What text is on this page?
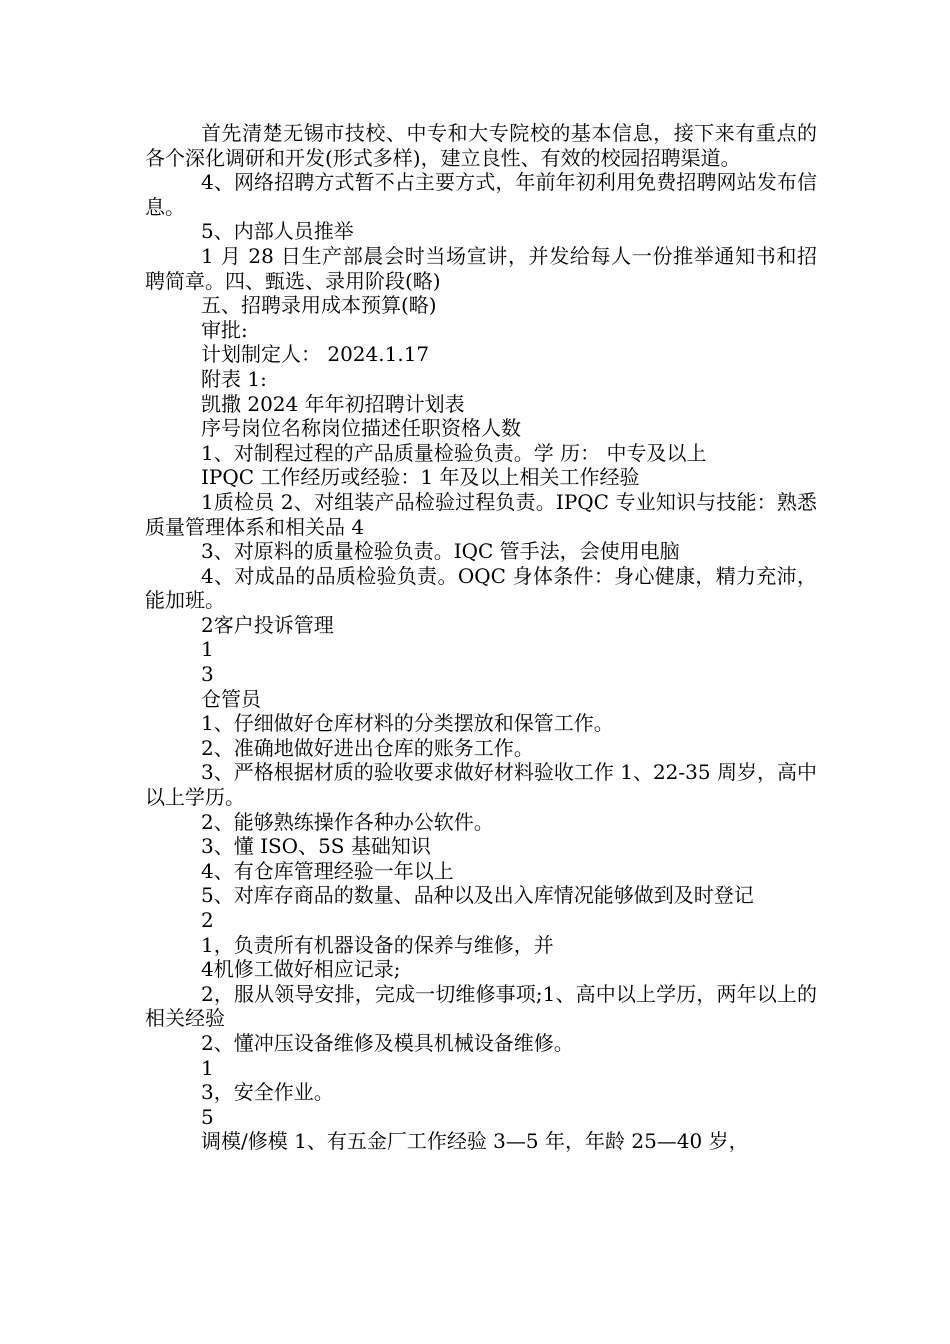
首先清楚无锡市技校、中专和大专院校的基本信息，接下来有重点的各个深化调研和开发(形式多样)，建立良性、有效的校园招聘渠道。

4、网络招聘方式暂不占主要方式，年前年初利用免费招聘网站发布信息。

5、内部人员推举

1 月 28 日生产部晨会时当场宣讲，并发给每人一份推举通知书和招聘简章。四、甄选、录用阶段(略)

五、招聘录用成本预算(略)

审批:

计划制定人： 2024.1.17

附表 1:

凯撒 2024 年年初招聘计划表

序号岗位名称岗位描述任职资格人数

1、对制程过程的产品质量检验负责。学 历： 中专及以上

IPQC 工作经历或经验：1 年及以上相关工作经验

1质检员 2、对组装产品检验过程负责。IPQC 专业知识与技能：熟悉质量管理体系和相关品 4

3、对原料的质量检验负责。IQC 管手法，会使用电脑

4、对成品的品质检验负责。OQC 身体条件：身心健康，精力充沛，能加班。

2客户投诉管理

1

3

仓管员

1、仔细做好仓库材料的分类摆放和保管工作。

2、准确地做好进出仓库的账务工作。

3、严格根据材质的验收要求做好材料验收工作 1、22-35 周岁，高中以上学历。

2、能够熟练操作各种办公软件。

3、懂 ISO、5S 基础知识

4、有仓库管理经验一年以上

5、对库存商品的数量、品种以及出入库情况能够做到及时登记

2

1，负责所有机器设备的保养与维修，并

4机修工做好相应记录;

2，服从领导安排，完成一切维修事项;1、高中以上学历，两年以上的相关经验

2、懂冲压设备维修及模具机械设备维修。

1

3，安全作业。

5

调模/修模 1、有五金厂工作经验 3—5 年，年龄 25—40 岁，
